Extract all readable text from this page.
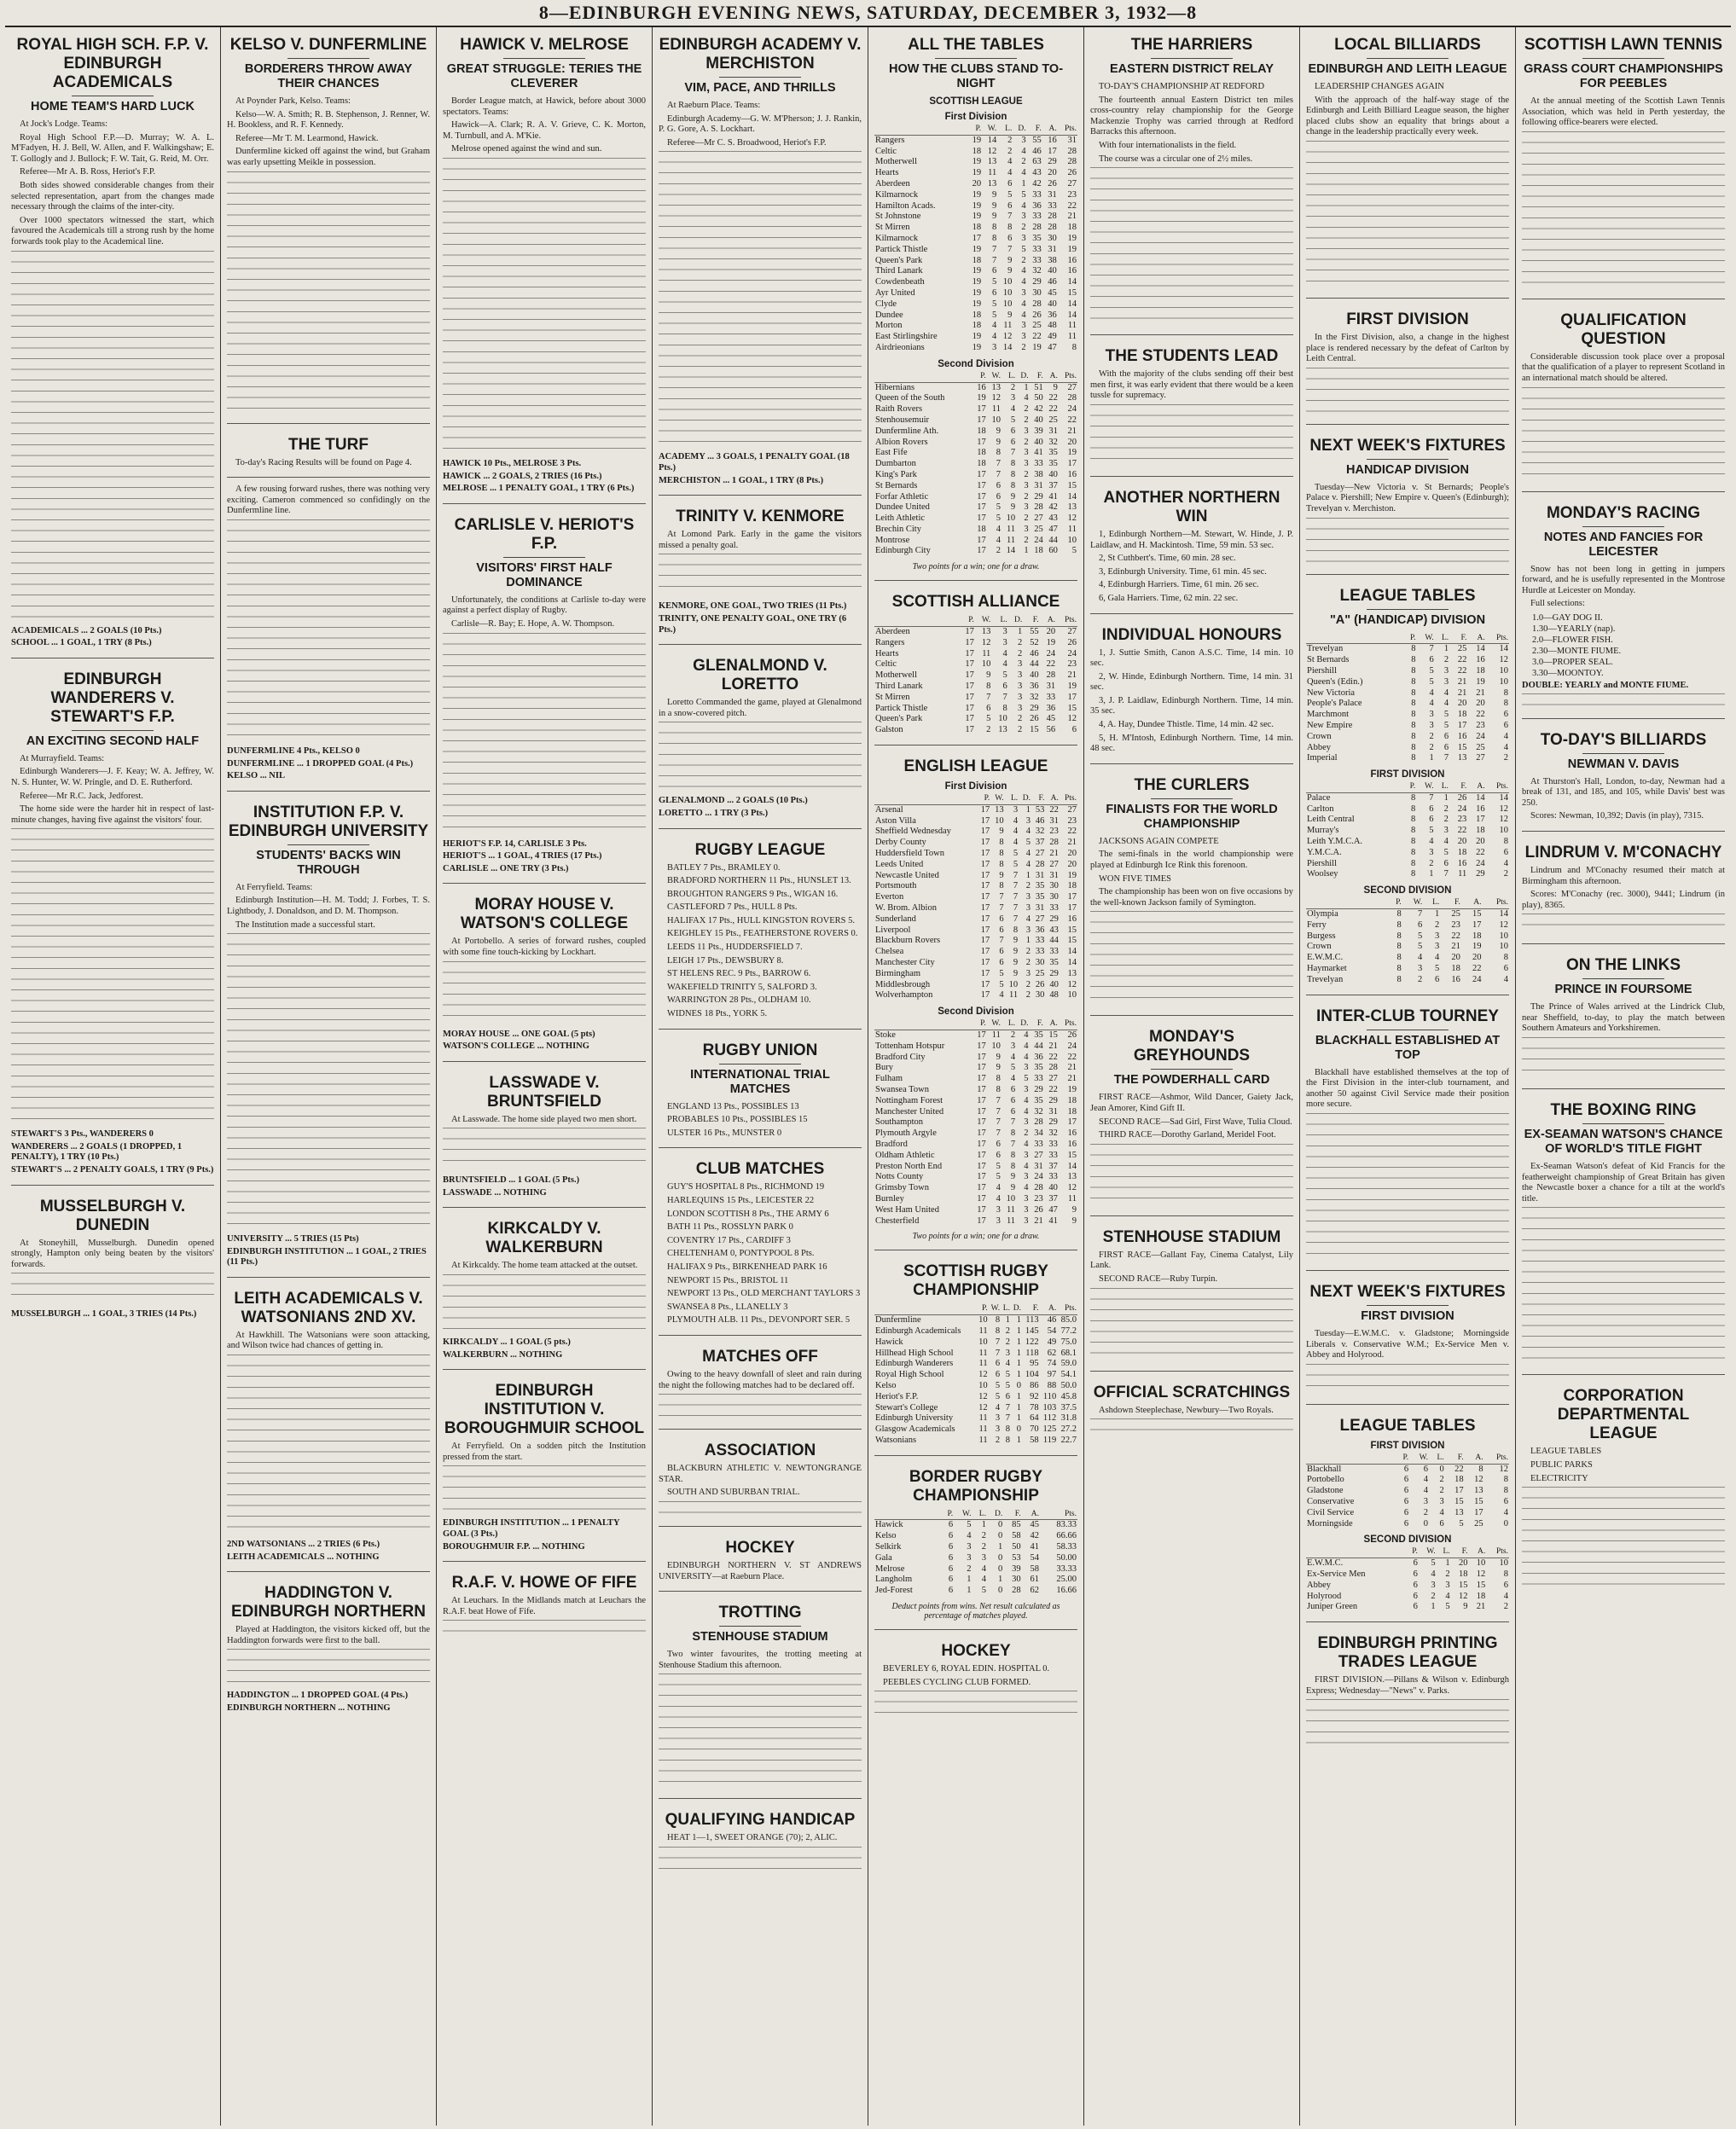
8—EDINBURGH EVENING NEWS, SATURDAY, DECEMBER 3, 1932—8
ROYAL HIGH SCH. F.P. V. EDINBURGH ACADEMICALS
HOME TEAM'S HARD LUCK

At Jock's Lodge. Teams:

Royal High School F.P.—D. Murray; W. A. L. M'Fadyen, H. J. Bell, W. Allen, and F. Walkingshaw; E. T. Gollogly and J. Bullock; F. W. Tait, G. Reid, M. Orr.

Referee—Mr A. B. Ross, Heriot's F.P.

Both sides showed considerable changes from their selected representation, apart from the changes made necessary through the claims of the inter-city.

Over 1000 spectators witnessed the start, which favoured the Academicals till a strong rush by the home forwards took play to the Academical line.

ACADEMICALS ... 2 GOALS (10 Pts.)

SCHOOL ... 1 GOAL, 1 TRY (8 Pts.)

EDINBURGH WANDERERS V. STEWART'S F.P.
AN EXCITING SECOND HALF

At Murrayfield. Teams:

Edinburgh Wanderers—J. F. Keay; W. A. Jeffrey, W. N. S. Hunter, W. W. Pringle, and D. E. Rutherford.

Referee—Mr R.C. Jack, Jedforest.

The home side were the harder hit in respect of last-minute changes, having five against the visitors' four.

STEWART'S 3 Pts., WANDERERS 0

WANDERERS ... 2 GOALS (1 DROPPED, 1 PENALTY), 1 TRY (10 Pts.)

STEWART'S ... 2 PENALTY GOALS, 1 TRY (9 Pts.)

MUSSELBURGH V. DUNEDIN

At Stoneyhill, Musselburgh. Dunedin opened strongly, Hampton only being beaten by the visitors' forwards.

MUSSELBURGH ... 1 GOAL, 3 TRIES (14 Pts.)

KELSO V. DUNFERMLINE
BORDERERS THROW AWAY THEIR CHANCES

At Poynder Park, Kelso. Teams:

Kelso—W. A. Smith; R. B. Stephenson, J. Renner, W. H. Bookless, and R. F. Kennedy.

Referee—Mr T. M. Learmond, Hawick.

Dunfermline kicked off against the wind, but Graham was early upsetting Meikle in possession.

THE TURF

To-day's Racing Results will be found on Page 4.

A few rousing forward rushes, there was nothing very exciting. Cameron commenced so confidingly on the Dunfermline line.

DUNFERMLINE 4 Pts., KELSO 0

DUNFERMLINE ... 1 DROPPED GOAL (4 Pts.)

KELSO ... NIL

INSTITUTION F.P. V. EDINBURGH UNIVERSITY
STUDENTS' BACKS WIN THROUGH

At Ferryfield. Teams:

Edinburgh Institution—H. M. Todd; J. Forbes, T. S. Lightbody, J. Donaldson, and D. M. Thompson.

The Institution made a successful start.

UNIVERSITY ... 5 TRIES (15 Pts)

EDINBURGH INSTITUTION ... 1 GOAL, 2 TRIES (11 Pts.)

LEITH ACADEMICALS V. WATSONIANS 2ND XV.

At Hawkhill. The Watsonians were soon attacking, and Wilson twice had chances of getting in.

2ND WATSONIANS ... 2 TRIES (6 Pts.)

LEITH ACADEMICALS ... NOTHING

HADDINGTON V. EDINBURGH NORTHERN

Played at Haddington, the visitors kicked off, but the Haddington forwards were first to the ball.

HADDINGTON ... 1 DROPPED GOAL (4 Pts.)

EDINBURGH NORTHERN ... NOTHING

HAWICK V. MELROSE
GREAT STRUGGLE: TERIES THE CLEVERER

Border League match, at Hawick, before about 3000 spectators. Teams:

Hawick—A. Clark; R. A. V. Grieve, C. K. Morton, M. Turnbull, and A. M'Kie.

Melrose opened against the wind and sun.

HAWICK 10 Pts., MELROSE 3 Pts.

HAWICK ... 2 GOALS, 2 TRIES (16 Pts.)

MELROSE ... 1 PENALTY GOAL, 1 TRY (6 Pts.)

CARLISLE V. HERIOT'S F.P.
VISITORS' FIRST HALF DOMINANCE

Unfortunately, the conditions at Carlisle to-day were against a perfect display of Rugby.

Carlisle—R. Bay; E. Hope, A. W. Thompson.

HERIOT'S F.P. 14, CARLISLE 3 Pts.

HERIOT'S ... 1 GOAL, 4 TRIES (17 Pts.)

CARLISLE ... ONE TRY (3 Pts.)

MORAY HOUSE V. WATSON'S COLLEGE

At Portobello. A series of forward rushes, coupled with some fine touch-kicking by Lockhart.

MORAY HOUSE ... ONE GOAL (5 pts)

WATSON'S COLLEGE ... NOTHING

LASSWADE V. BRUNTSFIELD

At Lasswade. The home side played two men short.

BRUNTSFIELD ... 1 GOAL (5 Pts.)

LASSWADE ... NOTHING

KIRKCALDY V. WALKERBURN

At Kirkcaldy. The home team attacked at the outset.

KIRKCALDY ... 1 GOAL (5 pts.)

WALKERBURN ... NOTHING

EDINBURGH INSTITUTION V. BOROUGHMUIR SCHOOL

At Ferryfield. On a sodden pitch the Institution pressed from the start.

EDINBURGH INSTITUTION ... 1 PENALTY GOAL (3 Pts.)

BOROUGHMUIR F.P. ... NOTHING

R.A.F. V. HOWE OF FIFE

At Leuchars. In the Midlands match at Leuchars the R.A.F. beat Howe of Fife.

EDINBURGH ACADEMY V. MERCHISTON
VIM, PACE, AND THRILLS

At Raeburn Place. Teams:

Edinburgh Academy—G. W. M'Pherson; J. J. Rankin, P. G. Gore, A. S. Lockhart.

Referee—Mr C. S. Broadwood, Heriot's F.P.

ACADEMY ... 3 GOALS, 1 PENALTY GOAL (18 Pts.)

MERCHISTON ... 1 GOAL, 1 TRY (8 Pts.)

TRINITY V. KENMORE

At Lomond Park. Early in the game the visitors missed a penalty goal.

KENMORE, ONE GOAL, TWO TRIES (11 Pts.)

TRINITY, ONE PENALTY GOAL, ONE TRY (6 Pts.)

GLENALMOND V. LORETTO

Loretto Commanded the game, played at Glenalmond in a snow-covered pitch.

GLENALMOND ... 2 GOALS (10 Pts.)

LORETTO ... 1 TRY (3 Pts.)

RUGBY LEAGUE

BATLEY 7 Pts., BRAMLEY 0.

BRADFORD NORTHERN 11 Pts., HUNSLET 13.

BROUGHTON RANGERS 9 Pts., WIGAN 16.

CASTLEFORD 7 Pts., HULL 8 Pts.

HALIFAX 17 Pts., HULL KINGSTON ROVERS 5.

KEIGHLEY 15 Pts., FEATHERSTONE ROVERS 0.

LEEDS 11 Pts., HUDDERSFIELD 7.

LEIGH 17 Pts., DEWSBURY 8.

ST HELENS REC. 9 Pts., BARROW 6.

WAKEFIELD TRINITY 5, SALFORD 3.

WARRINGTON 28 Pts., OLDHAM 10.

WIDNES 18 Pts., YORK 5.

RUGBY UNION
INTERNATIONAL TRIAL MATCHES

ENGLAND 13 Pts., POSSIBLES 13

PROBABLES 10 Pts., POSSIBLES 15

ULSTER 16 Pts., MUNSTER 0

CLUB MATCHES

GUY'S HOSPITAL 8 Pts., RICHMOND 19

HARLEQUINS 15 Pts., LEICESTER 22

LONDON SCOTTISH 8 Pts., THE ARMY 6

BATH 11 Pts., ROSSLYN PARK 0

COVENTRY 17 Pts., CARDIFF 3

CHELTENHAM 0, PONTYPOOL 8 Pts.

HALIFAX 9 Pts., BIRKENHEAD PARK 16

NEWPORT 15 Pts., BRISTOL 11

NEWPORT 13 Pts., OLD MERCHANT TAYLORS 3

SWANSEA 8 Pts., LLANELLY 3

PLYMOUTH ALB. 11 Pts., DEVONPORT SER. 5

MATCHES OFF

Owing to the heavy downfall of sleet and rain during the night the following matches had to be declared off.

ASSOCIATION

BLACKBURN ATHLETIC V. NEWTONGRANGE STAR.

SOUTH AND SUBURBAN TRIAL.

HOCKEY

EDINBURGH NORTHERN V. ST ANDREWS UNIVERSITY—at Raeburn Place.

TROTTING
STENHOUSE STADIUM

Two winter favourites, the trotting meeting at Stenhouse Stadium this afternoon.

QUALIFYING HANDICAP

HEAT 1—1, SWEET ORANGE (70); 2, ALIC.

ALL THE TABLES
HOW THE CLUBS STAND TO-NIGHT
SCOTTISH LEAGUE
First Division
	P.	W.	L.	D.	F.	A.	Pts.
Rangers	19	14	2	3	55	16	31
Celtic	18	12	2	4	46	17	28
Motherwell	19	13	4	2	63	29	28
Hearts	19	11	4	4	43	20	26
Aberdeen	20	13	6	1	42	26	27
Kilmarnock	19	9	5	5	33	31	23
Hamilton Acads.	19	9	6	4	36	33	22
St Johnstone	19	9	7	3	33	28	21
St Mirren	18	8	8	2	28	28	18
Kilmarnock	17	8	6	3	35	30	19
Partick Thistle	19	7	7	5	33	31	19
Queen's Park	18	7	9	2	33	38	16
Third Lanark	19	6	9	4	32	40	16
Cowdenbeath	19	5	10	4	29	46	14
Ayr United	19	6	10	3	30	45	15
Clyde	19	5	10	4	28	40	14
Dundee	18	5	9	4	26	36	14
Morton	18	4	11	3	25	48	11
East Stirlingshire	19	4	12	3	22	49	11
Airdrieonians	19	3	14	2	19	47	8
Second Division
	P.	W.	L.	D.	F.	A.	Pts.
Hibernians	16	13	2	1	51	9	27
Queen of the South	19	12	3	4	50	22	28
Raith Rovers	17	11	4	2	42	22	24
Stenhousemuir	17	10	5	2	40	25	22
Dunfermline Ath.	18	9	6	3	39	31	21
Albion Rovers	17	9	6	2	40	32	20
East Fife	18	8	7	3	41	35	19
Dumbarton	18	7	8	3	33	35	17
King's Park	17	7	8	2	38	40	16
St Bernards	17	6	8	3	31	37	15
Forfar Athletic	17	6	9	2	29	41	14
Dundee United	17	5	9	3	28	42	13
Leith Athletic	17	5	10	2	27	43	12
Brechin City	18	4	11	3	25	47	11
Montrose	17	4	11	2	24	44	10
Edinburgh City	17	2	14	1	18	60	5
Two points for a win; one for a draw.
SCOTTISH ALLIANCE
	P.	W.	L.	D.	F.	A.	Pts.
Aberdeen	17	13	3	1	55	20	27
Rangers	17	12	3	2	52	19	26
Hearts	17	11	4	2	46	24	24
Celtic	17	10	4	3	44	22	23
Motherwell	17	9	5	3	40	28	21
Third Lanark	17	8	6	3	36	31	19
St Mirren	17	7	7	3	32	33	17
Partick Thistle	17	6	8	3	29	36	15
Queen's Park	17	5	10	2	26	45	12
Galston	17	2	13	2	15	56	6
ENGLISH LEAGUE
First Division
	P.	W.	L.	D.	F.	A.	Pts.
Arsenal	17	13	3	1	53	22	27
Aston Villa	17	10	4	3	46	31	23
Sheffield Wednesday	17	9	4	4	32	23	22
Derby County	17	8	4	5	37	28	21
Huddersfield Town	17	8	5	4	27	21	20
Leeds United	17	8	5	4	28	27	20
Newcastle United	17	9	7	1	31	31	19
Portsmouth	17	8	7	2	35	30	18
Everton	17	7	7	3	35	30	17
W. Brom. Albion	17	7	7	3	31	33	17
Sunderland	17	6	7	4	27	29	16
Liverpool	17	6	8	3	36	43	15
Blackburn Rovers	17	7	9	1	33	44	15
Chelsea	17	6	9	2	33	33	14
Manchester City	17	6	9	2	30	35	14
Birmingham	17	5	9	3	25	29	13
Middlesbrough	17	5	10	2	26	40	12
Wolverhampton	17	4	11	2	30	48	10
Second Division
	P.	W.	L.	D.	F.	A.	Pts.
Stoke	17	11	2	4	35	15	26
Tottenham Hotspur	17	10	3	4	44	21	24
Bradford City	17	9	4	4	36	22	22
Bury	17	9	5	3	35	28	21
Fulham	17	8	4	5	33	27	21
Swansea Town	17	8	6	3	29	22	19
Nottingham Forest	17	7	6	4	35	29	18
Manchester United	17	7	6	4	32	31	18
Southampton	17	7	7	3	28	29	17
Plymouth Argyle	17	7	8	2	34	32	16
Bradford	17	6	7	4	33	33	16
Oldham Athletic	17	6	8	3	27	33	15
Preston North End	17	5	8	4	31	37	14
Notts County	17	5	9	3	24	33	13
Grimsby Town	17	4	9	4	28	40	12
Burnley	17	4	10	3	23	37	11
West Ham United	17	3	11	3	26	47	9
Chesterfield	17	3	11	3	21	41	9
Two points for a win; one for a draw.
SCOTTISH RUGBY CHAMPIONSHIP
	P.	W.	L.	D.	F.	A.	Pts.
Dunfermline	10	8	1	1	113	46	85.0
Edinburgh Academicals	11	8	2	1	145	54	77.2
Hawick	10	7	2	1	122	49	75.0
Hillhead High School	11	7	3	1	118	62	68.1
Edinburgh Wanderers	11	6	4	1	95	74	59.0
Royal High School	12	6	5	1	104	97	54.1
Kelso	10	5	5	0	86	88	50.0
Heriot's F.P.	12	5	6	1	92	110	45.8
Stewart's College	12	4	7	1	78	103	37.5
Edinburgh University	11	3	7	1	64	112	31.8
Glasgow Academicals	11	3	8	0	70	125	27.2
Watsonians	11	2	8	1	58	119	22.7
BORDER RUGBY CHAMPIONSHIP
	P.	W.	L.	D.	F.	A.	Pts.
Hawick	6	5	1	0	85	45	83.33
Kelso	6	4	2	0	58	42	66.66
Selkirk	6	3	2	1	50	41	58.33
Gala	6	3	3	0	53	54	50.00
Melrose	6	2	4	0	39	58	33.33
Langholm	6	1	4	1	30	61	25.00
Jed-Forest	6	1	5	0	28	62	16.66
Deduct points from wins. Net result calculated as percentage of matches played.
HOCKEY

BEVERLEY 6, ROYAL EDIN. HOSPITAL 0.

PEEBLES CYCLING CLUB FORMED.

THE HARRIERS
EASTERN DISTRICT RELAY

TO-DAY'S CHAMPIONSHIP AT REDFORD

The fourteenth annual Eastern District ten miles cross-country relay championship for the George Mackenzie Trophy was carried through at Redford Barracks this afternoon.

With four internationalists in the field.

The course was a circular one of 2½ miles.

THE STUDENTS LEAD

With the majority of the clubs sending off their best men first, it was early evident that there would be a keen tussle for supremacy.

ANOTHER NORTHERN WIN

1, Edinburgh Northern—M. Stewart, W. Hinde, J. P. Laidlaw, and H. Mackintosh. Time, 59 min. 53 sec.

2, St Cuthbert's. Time, 60 min. 28 sec.

3, Edinburgh University. Time, 61 min. 45 sec.

4, Edinburgh Harriers. Time, 61 min. 26 sec.

6, Gala Harriers. Time, 62 min. 22 sec.

INDIVIDUAL HONOURS

1, J. Suttie Smith, Canon A.S.C. Time, 14 min. 10 sec.

2, W. Hinde, Edinburgh Northern. Time, 14 min. 31 sec.

3, J. P. Laidlaw, Edinburgh Northern. Time, 14 min. 35 sec.

4, A. Hay, Dundee Thistle. Time, 14 min. 42 sec.

5, H. M'Intosh, Edinburgh Northern. Time, 14 min. 48 sec.

THE CURLERS
FINALISTS FOR THE WORLD CHAMPIONSHIP

JACKSONS AGAIN COMPETE

The semi-finals in the world championship were played at Edinburgh Ice Rink this forenoon.

WON FIVE TIMES

The championship has been won on five occasions by the well-known Jackson family of Symington.

MONDAY'S GREYHOUNDS
THE POWDERHALL CARD

FIRST RACE—Ashmor, Wild Dancer, Gaiety Jack, Jean Amorer, Kind Gift II.

SECOND RACE—Sad Girl, First Wave, Tulia Cloud.

THIRD RACE—Dorothy Garland, Meridel Foot.

STENHOUSE STADIUM

FIRST RACE—Gallant Fay, Cinema Catalyst, Lily Lank.

SECOND RACE—Ruby Turpin.

OFFICIAL SCRATCHINGS

Ashdown Steeplechase, Newbury—Two Royals.

LOCAL BILLIARDS
EDINBURGH AND LEITH LEAGUE

LEADERSHIP CHANGES AGAIN

With the approach of the half-way stage of the Edinburgh and Leith Billiard League season, the higher placed clubs show an equality that brings about a change in the leadership practically every week.

FIRST DIVISION

In the First Division, also, a change in the highest place is rendered necessary by the defeat of Carlton by Leith Central.

NEXT WEEK'S FIXTURES
HANDICAP DIVISION

Tuesday—New Victoria v. St Bernards; People's Palace v. Piershill; New Empire v. Queen's (Edinburgh); Trevelyan v. Merchiston.

LEAGUE TABLES
"A" (HANDICAP) DIVISION
	P.	W.	L.	F.	A.	Pts.
Trevelyan	8	7	1	25	14	14
St Bernards	8	6	2	22	16	12
Piershill	8	5	3	22	18	10
Queen's (Edin.)	8	5	3	21	19	10
New Victoria	8	4	4	21	21	8
People's Palace	8	4	4	20	20	8
Marchmont	8	3	5	18	22	6
New Empire	8	3	5	17	23	6
Crown	8	2	6	16	24	4
Abbey	8	2	6	15	25	4
Imperial	8	1	7	13	27	2
FIRST DIVISION
	P.	W.	L.	F.	A.	Pts.
Palace	8	7	1	26	14	14
Carlton	8	6	2	24	16	12
Leith Central	8	6	2	23	17	12
Murray's	8	5	3	22	18	10
Leith Y.M.C.A.	8	4	4	20	20	8
Y.M.C.A.	8	3	5	18	22	6
Piershill	8	2	6	16	24	4
Woolsey	8	1	7	11	29	2
SECOND DIVISION
	P.	W.	L.	F.	A.	Pts.
Olympia	8	7	1	25	15	14
Ferry	8	6	2	23	17	12
Burgess	8	5	3	22	18	10
Crown	8	5	3	21	19	10
E.W.M.C.	8	4	4	20	20	8
Haymarket	8	3	5	18	22	6
Trevelyan	8	2	6	16	24	4
INTER-CLUB TOURNEY
BLACKHALL ESTABLISHED AT TOP

Blackhall have established themselves at the top of the First Division in the inter-club tournament, and another 50 against Civil Service made their position more secure.

NEXT WEEK'S FIXTURES
FIRST DIVISION

Tuesday—E.W.M.C. v. Gladstone; Morningside Liberals v. Conservative W.M.; Ex-Service Men v. Abbey and Holyrood.

LEAGUE TABLES
FIRST DIVISION
	P.	W.	L.	F.	A.	Pts.
Blackhall	6	6	0	22	8	12
Portobello	6	4	2	18	12	8
Gladstone	6	4	2	17	13	8
Conservative	6	3	3	15	15	6
Civil Service	6	2	4	13	17	4
Morningside	6	0	6	5	25	0
SECOND DIVISION
	P.	W.	L.	F.	A.	Pts.
E.W.M.C.	6	5	1	20	10	10
Ex-Service Men	6	4	2	18	12	8
Abbey	6	3	3	15	15	6
Holyrood	6	2	4	12	18	4
Juniper Green	6	1	5	9	21	2
EDINBURGH PRINTING TRADES LEAGUE

FIRST DIVISION.—Pillans & Wilson v. Edinburgh Express; Wednesday—"News" v. Parks.

SCOTTISH LAWN TENNIS
GRASS COURT CHAMPIONSHIPS FOR PEEBLES

At the annual meeting of the Scottish Lawn Tennis Association, which was held in Perth yesterday, the following office-bearers were elected.

QUALIFICATION QUESTION

Considerable discussion took place over a proposal that the qualification of a player to represent Scotland in an international match should be altered.

MONDAY'S RACING
NOTES AND FANCIES FOR LEICESTER

Snow has not been long in getting in jumpers forward, and he is usefully represented in the Montrose Hurdle at Leicester on Monday.

Full selections:

1.0—GAY DOG II.

1.30—YEARLY (nap).

2.0—FLOWER FISH.

2.30—MONTE FIUME.

3.0—PROPER SEAL.

3.30—MOONTOY.

DOUBLE: YEARLY and MONTE FIUME.

TO-DAY'S BILLIARDS
NEWMAN V. DAVIS

At Thurston's Hall, London, to-day, Newman had a break of 131, and 185, and 105, while Davis' best was 250.

Scores: Newman, 10,392; Davis (in play), 7315.

LINDRUM V. M'CONACHY

Lindrum and M'Conachy resumed their match at Birmingham this afternoon.

Scores: M'Conachy (rec. 3000), 9441; Lindrum (in play), 8365.

ON THE LINKS
PRINCE IN FOURSOME

The Prince of Wales arrived at the Lindrick Club, near Sheffield, to-day, to play the match between Southern Amateurs and Yorkshiremen.

THE BOXING RING
EX-SEAMAN WATSON'S CHANCE OF WORLD'S TITLE FIGHT

Ex-Seaman Watson's defeat of Kid Francis for the featherweight championship of Great Britain has given the Newcastle boxer a chance for a tilt at the world's title.

CORPORATION DEPARTMENTAL LEAGUE

LEAGUE TABLES

PUBLIC PARKS

ELECTRICITY
